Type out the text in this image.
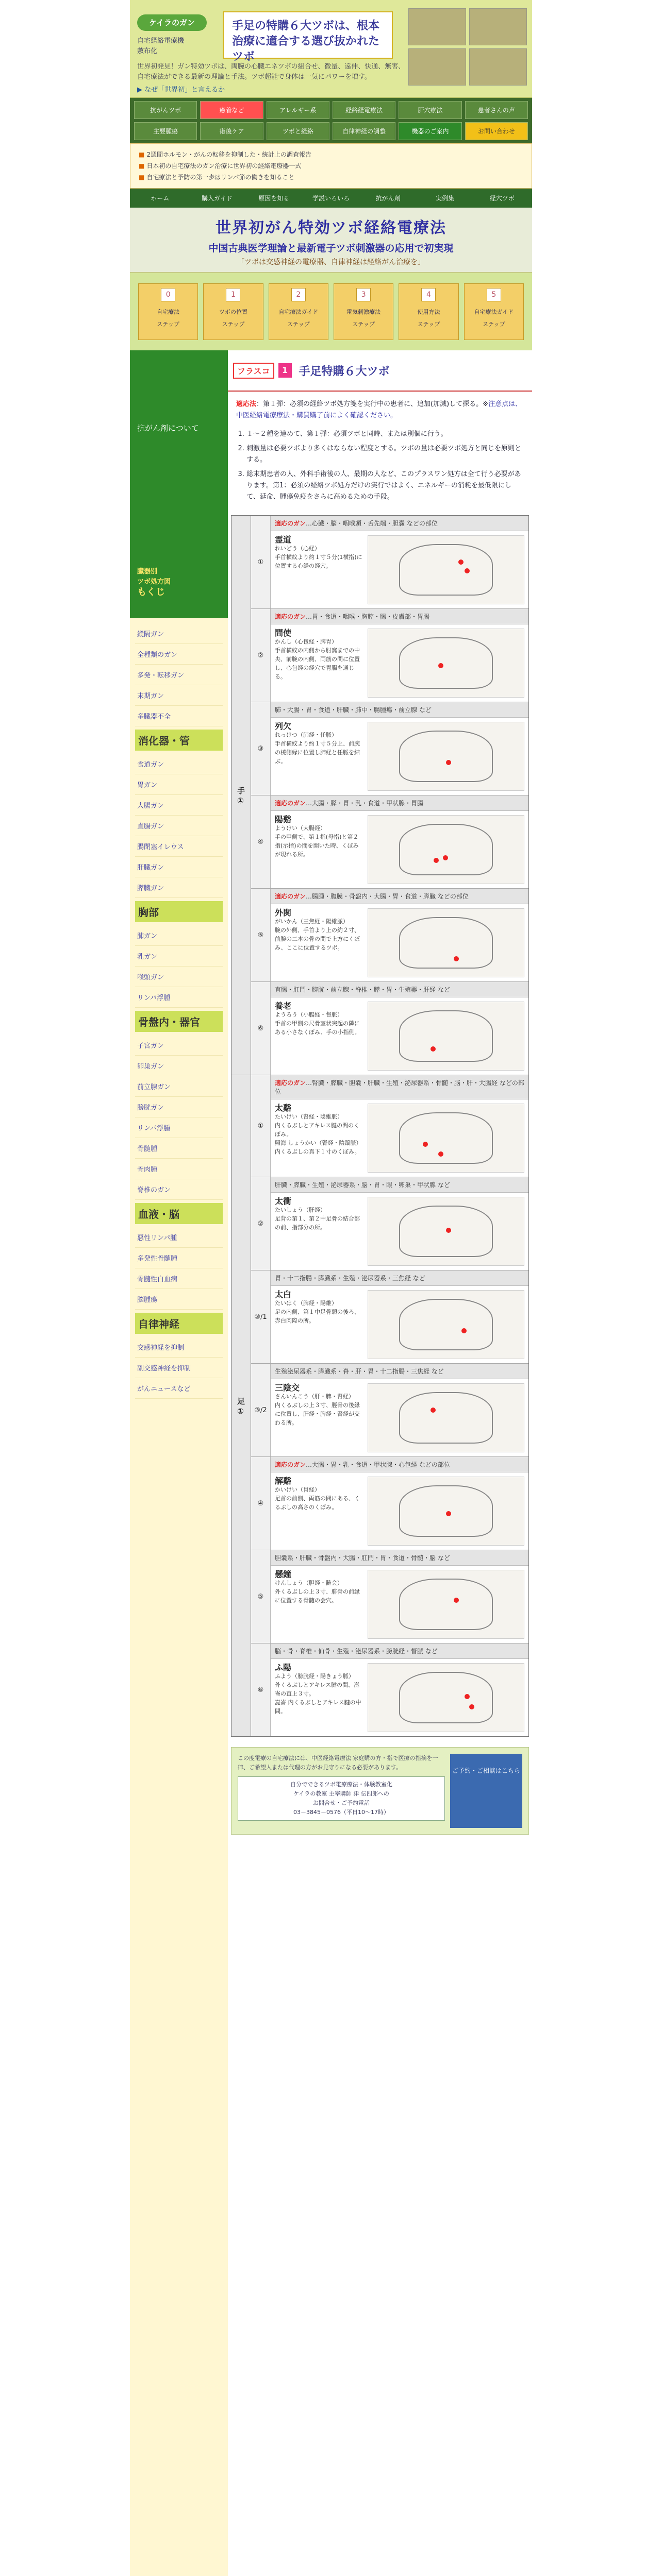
ケイラのガン
自宅経絡電療機
敷布化
手足の特購６大ツボは、根本治療に適合する選び抜かれたツボ
世界初発見！ガン特効ツボは、両腕の心臓エネツボの組合せ、微量、遠伸、快通、無害、自宅療法ができる最新の理論と手法。ツボ超能で身体は一気にパワーを増す。
▶ なぜ「世界初」と言えるか
抗がんツボ	癒着など	アレルギー系	経絡経電療法	肝穴療法	患者さんの声
主要腫瘍	術後ケア	ツボと経絡	自律神経の調整	機器のご案内	お問い合わせ
■ 2週間ホルモン・がんの転移を抑制した・統計上の調査報告
■ 日本初の自宅療法のガン治療に世界初の経絡電療器一式
■ 自宅療法と予防の第一歩はリンパ節の働きを知ること
ホーム	購入ガイド	原因を知る	学説いろいろ	抗がん剤	実例集	経穴ツボ
世界初がん特効ツボ経絡電療法
中国古典医学理論と最新電子ツボ刺激器の応用で初実現
「ツボは交感神経の電療器、自律神経は経絡がん治療を」
0
自宅療法
ステップ
1
ツボの位置
ステップ
2
自宅療法ガイド
ステップ
3
電気刺激療法
ステップ
4
使用方法
ステップ
5
自宅療法ガイド
ステップ
抗がん剤について
臓器別
ツボ処方図
もくじ
縦隔ガン
全種類のガン
多発・転移ガン
末期ガン
多臓器不全
消化器・管
食道ガン
胃ガン
大腸ガン
直腸ガン
腸閉塞イレウス
肝臓ガン
膵臓ガン
胸部
肺ガン
乳ガン
喉頭ガン
リンパ浮腫
骨盤内・器官
子宮ガン
卵巣ガン
前立腺ガン
膀胱ガン
リンパ浮腫
骨髄腫
骨肉腫
脊椎のガン
血液・脳
悪性リンパ腫
多発性骨髄腫
骨髄性白血病
脳腫瘍
自律神経
交感神経を抑制
副交感神経を抑制
がんニュースなど
フラスコ	1 手足特購６大ツボ
適応法：第１弾：必須の経絡ツボ処方箋を実行中の患者に、追加(加減)して探る。※注意点は、中医経絡電療療法・購買購了前によく確認ください。
1. １～２種を連めて、第１弾：必須ツボと同時、または別個に行う。
2. 刺激量は必要ツボより多くはならない程度とする。ツボの量は必要ツボ処方と同じを原則とする。
3. 総末期患者の人、外科手術後の人、最期の人など、このプラスワン処方は全て行う必要があります。第1：必須の経絡ツボ処方だけの実行ではよく、エネルギーの消耗を最低限にして、延命、腫瘍免疫をさらに高めるための手段。
手
①
①
適応のガン…心臓・脳・咽喉頭・舌先端・胆嚢 などの部位
霊道
れいどう（心経）
手首横紋より約１寸５分(1横指)に位置する心経の経穴。
②
適応のガン…胃・食道・咽喉・胸腔・腸・皮膚部・胃腸
間使
かんし（心包経・脾胃）
手首横紋の内側から肘窩までの中央、前腕の内側、両筋の間に位置し、心包経の経穴で胃腸を通じる。
③
肺・大腸・胃・食道・肝臓・肺中・腸腫瘍・前立腺 など
列欠
れっけつ（肺経・任脈）
手首横紋より約１寸５分上、前腕の橈側縁に位置し肺経と任脈を結ぶ。
④
適応のガン…大腸・膵・胃・乳・食道・甲状腺・胃腸
陽谿
ようけい（大腸経）
手の甲側で、第１指(母指)と第２指(示指)の間を開いた時、くぼみが現れる所。
⑤
適応のガン…腸腫・腹膜・骨盤内・大腸・胃・食道・膵臓 などの部位
外関
がいかん（三焦経・陽維脈）
腕の外側、手首より上の約２寸、前腕の二本の骨の間で上方にくぼみ、ここに位置するツボ。
⑥
直腸・肛門・膀胱・前立腺・脊椎・膵・胃・生殖器・肝経 など
養老
ようろう（小腸経・督脈）
手首の甲側の尺骨茎状突起の隣にある小さなくぼみ、手の小指側。
足
①
①
適応のガン…腎臓・膵臓・胆嚢・肝臓・生殖・泌尿器系・骨髄・脳・肝・大腸経 などの部位
太谿
たいけい（腎経・陰維脈）
内くるぶしとアキレス腱の間のくぼみ。
照海 しょうかい（腎経・陰蹻脈）内くるぶしの真下１寸のくぼみ。
②
肝臓・膵臓・生殖・泌尿器系・脳・胃・眼・卵巣・甲状腺 など
太衝
たいしょう（肝経）
足背の第１、第２中足骨の結合部の前、指部分の所。
③/1
胃・十二指腸・膵臓系・生殖・泌尿器系・三焦経 など
太白
たいはく（脾経・陽維）
足の内側、第１中足骨頭の後ろ、赤白肉際の所。
③/2
生殖泌尿器系・膵臓系・脊・肝・胃・十二指腸・三焦経 など
三陰交
さんいんこう（肝・脾・腎経）
内くるぶしの上３寸、脛骨の後縁に位置し、肝経・脾経・腎経が交わる所。
④
適応のガン…大腸・胃・乳・食道・甲状腺・心包経 などの部位
解谿
かいけい（胃経）
足首の前側、両筋の間にある、くるぶしの高さのくぼみ。
⑤
胆嚢系・肝臓・骨盤内・大腸・肛門・胃・食道・骨髄・脳 など
懸鐘
けんしょう（胆経・髄会）
外くるぶしの上３寸、腓骨の前縁に位置する骨髄の会穴。
⑥
脳・骨・脊椎・仙骨・生殖・泌尿器系・膀胱経・督脈 など
ふ陽
ふよう（膀胱経・陽きょう脈）
外くるぶしとアキレス腱の間、崑崙の直上３寸。
崑崙 内くるぶしとアキレス腱の中間。
この度電療の自宅療法には、中医経絡電療法 家庭購の方・指で医療の指摘を一律、ご希望人または代理の方がお見守りになる必要があります。
自分でできるツボ電療療法・体験教室化
ケイラの教室 主宰購師 津 伝四郎への
お問合せ・ご予約電話
03－3845－0576（平日10～17時）
ご予約・ご相談はこちら
